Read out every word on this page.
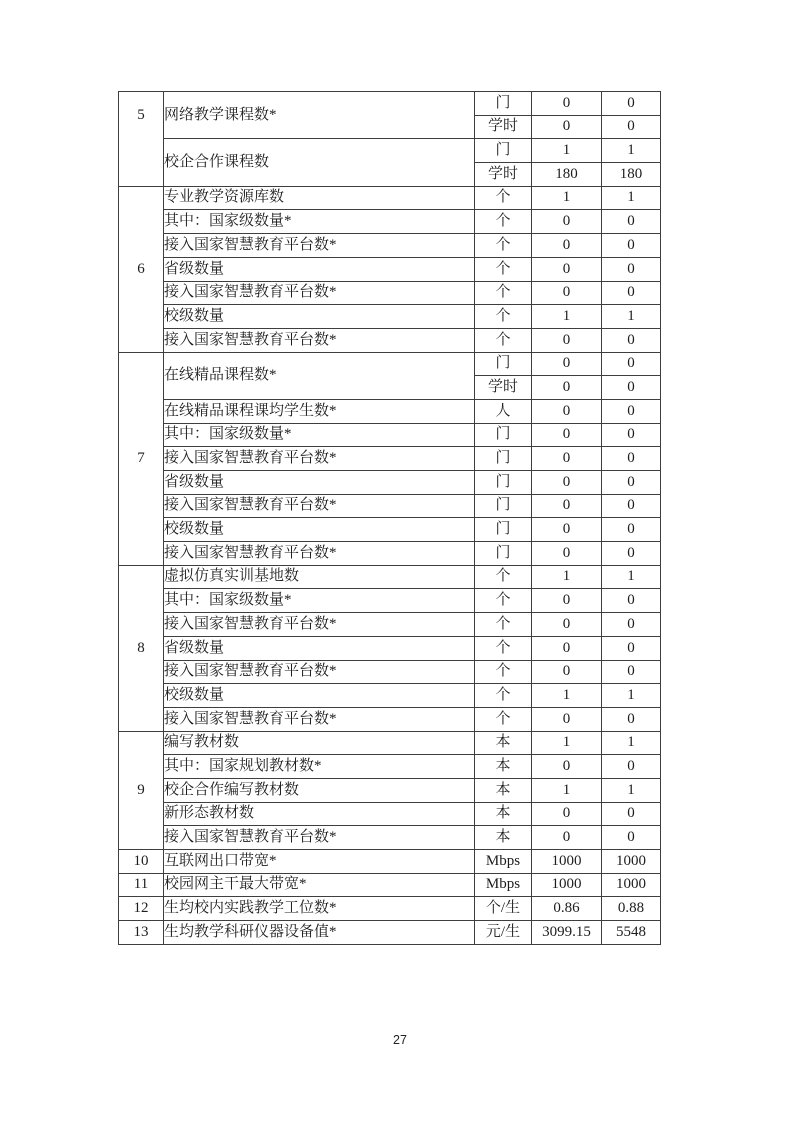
5	网络教学课程数*	门	0	0
		学时	0	0
	校企合作课程数	门	1	1
		学时	180	180
6	专业教学资源库数	个	1	1
	其中：国家级数量*	个	0	0
	接入国家智慧教育平台数*	个	0	0
	省级数量	个	0	0
	接入国家智慧教育平台数*	个	0	0
	校级数量	个	1	1
	接入国家智慧教育平台数*	个	0	0
7	在线精品课程数*	门	0	0
		学时	0	0
	在线精品课程课均学生数*	人	0	0
	其中：国家级数量*	门	0	0
	接入国家智慧教育平台数*	门	0	0
	省级数量	门	0	0
	接入国家智慧教育平台数*	门	0	0
	校级数量	门	0	0
	接入国家智慧教育平台数*	门	0	0
8	虚拟仿真实训基地数	个	1	1
	其中：国家级数量*	个	0	0
	接入国家智慧教育平台数*	个	0	0
	省级数量	个	0	0
	接入国家智慧教育平台数*	个	0	0
	校级数量	个	1	1
	接入国家智慧教育平台数*	个	0	0
9	编写教材数	本	1	1
	其中：国家规划教材数*	本	0	0
	校企合作编写教材数	本	1	1
	新形态教材数	本	0	0
	接入国家智慧教育平台数*	本	0	0
10	互联网出口带宽*	Mbps	1000	1000
11	校园网主干最大带宽*	Mbps	1000	1000
12	生均校内实践教学工位数*	个/生	0.86	0.88
13	生均教学科研仪器设备值*	元/生	3099.15	5548
27
